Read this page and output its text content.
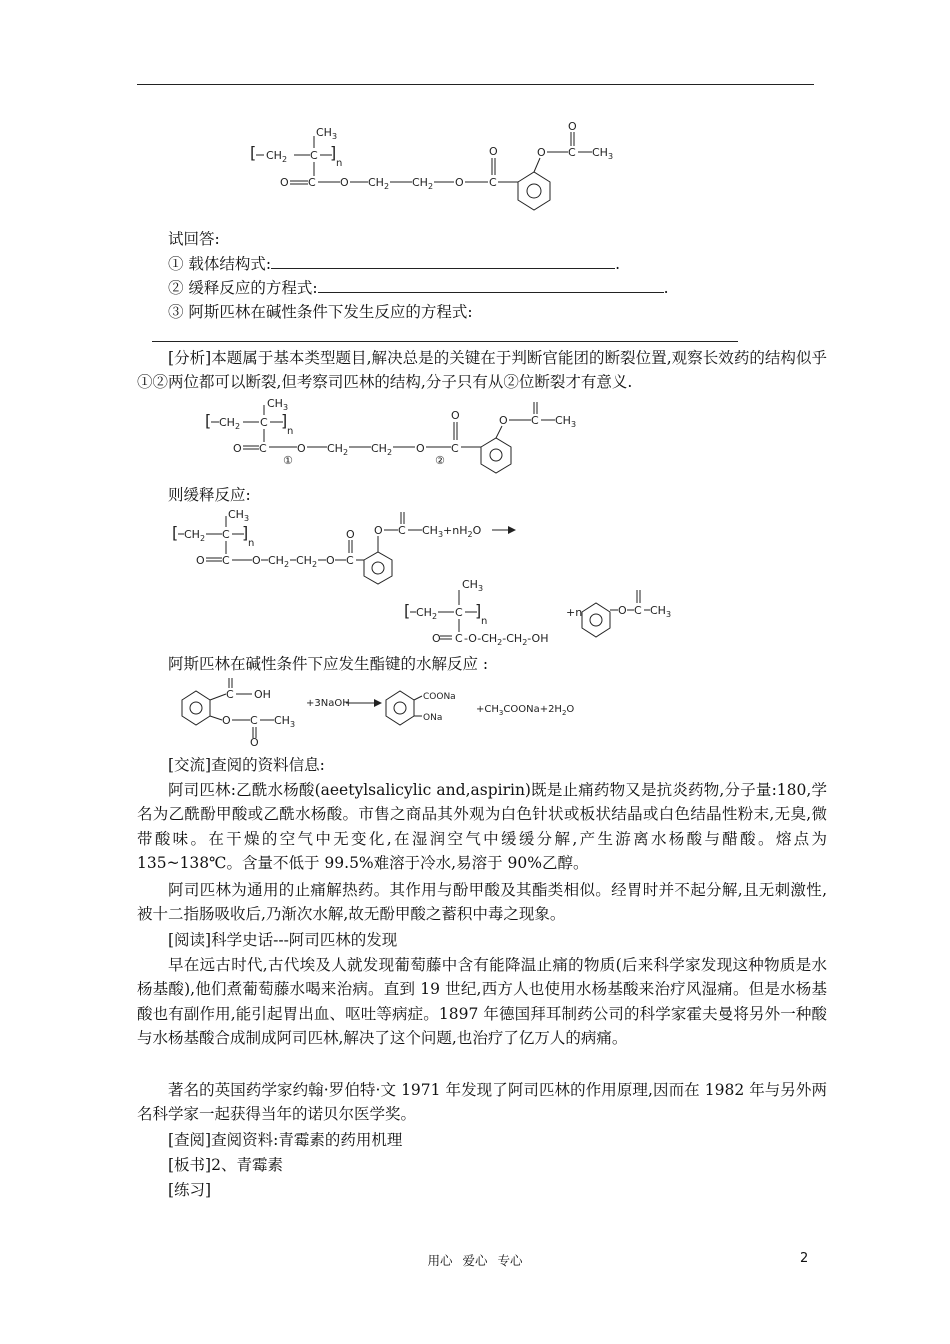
[ $CH_2$ C
$CH_3$
]
n
O C O $CH_2$ $CH_2$ O C
O	O C
O
$CH_3$
试回答:
① 载体结构式:	.
② 缓释反应的方程式:	.
③ 阿斯匹林在碱性条件下发生反应的方程式:
[分析]本题属于基本类型题目,解决总是的关键在于判断官能团的断裂位置,观察长效药的结构似乎①②两位都可以断裂,但考察司匹林的结构,分子只有从②位断裂才有意义.
[ $CH_2$ C
$CH_3$
]
n
O C
①
O $CH_2$ $CH_2$ O
②
C
O	O C $CH_3$
则缓释反应:
[ $CH_2$ C
$CH_3$
]
n
O C O $CH_2$ $CH_2$ O C
O O C $CH_3+nH_2O$
[ $CH_2$ C
$CH_3$
]
n
O C $-O-CH_2-CH_2-OH$
+n	O C $CH_3$
阿斯匹林在碱性条件下应发生酯键的水解反应 :
C OH
O C
O
$CH_3$
+3NaOH
COONa
ONa
$+CH_3COONa+2H_2O$
[交流]查阅的资料信息:
阿司匹林:乙酰水杨酸(aeetylsalicylic and,aspirin)既是止痛药物又是抗炎药物,分子量:180,学名为乙酰酚甲酸或乙酰水杨酸。市售之商品其外观为白色针状或板状结晶或白色结晶性粉末,无臭,微带酸味。在干燥的空气中无变化,在湿润空气中缓缓分解,产生游离水杨酸与醋酸。熔点为 135~138℃。含量不低于 99.5%难溶于冷水,易溶于 90%乙醇。
阿司匹林为通用的止痛解热药。其作用与酚甲酸及其酯类相似。经胃时并不起分解,且无刺激性,被十二指肠吸收后,乃渐次水解,故无酚甲酸之蓄积中毒之现象。
[阅读]科学史话---阿司匹林的发现
早在远古时代,古代埃及人就发现葡萄藤中含有能降温止痛的物质(后来科学家发现这种物质是水杨基酸),他们煮葡萄藤水喝来治病。直到 19 世纪,西方人也使用水杨基酸来治疗风湿痛。但是水杨基酸也有副作用,能引起胃出血、呕吐等病症。1897 年德国拜耳制药公司的科学家霍夫曼将另外一种酸与水杨基酸合成制成阿司匹林,解决了这个问题,也治疗了亿万人的病痛。
著名的英国药学家约翰·罗伯特·文 1971 年发现了阿司匹林的作用原理,因而在 1982 年与另外两名科学家一起获得当年的诺贝尔医学奖。
[查阅]查阅资料:青霉素的药用机理
[板书]2、青霉素
[练习]
用心 爱心 专心	2
